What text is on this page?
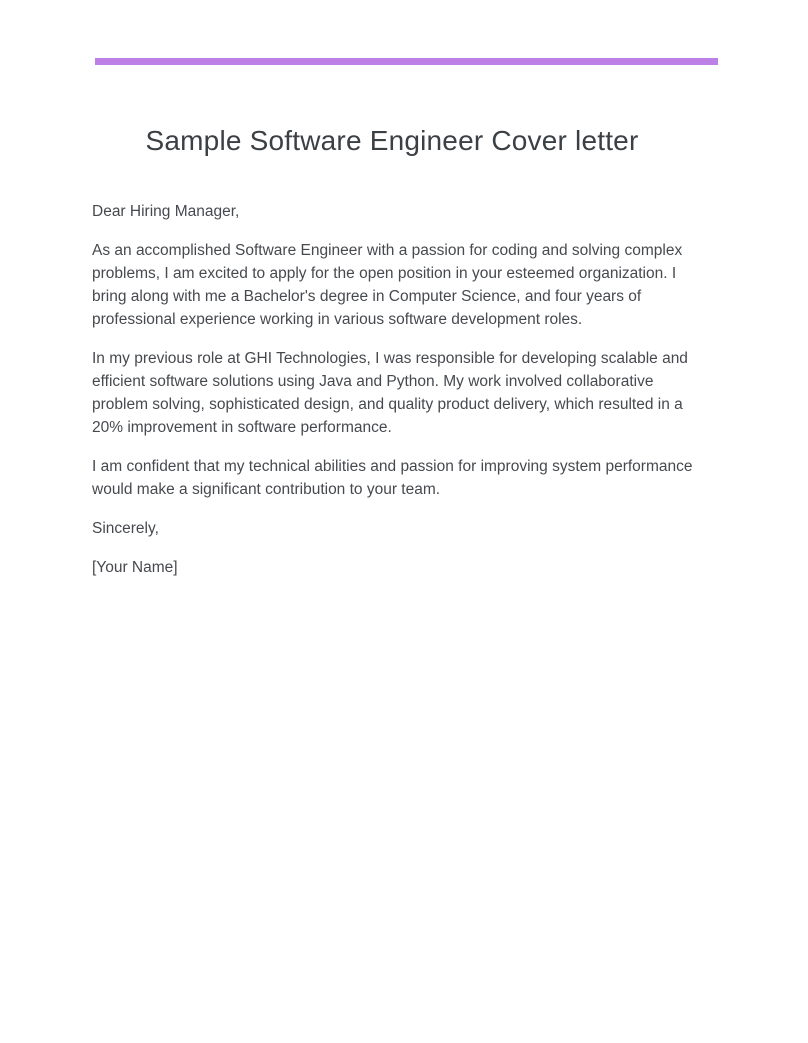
Sample Software Engineer Cover letter

Dear Hiring Manager,

As an accomplished Software Engineer with a passion for coding and solving complex problems, I am excited to apply for the open position in your esteemed organization. I bring along with me a Bachelor's degree in Computer Science, and four years of professional experience working in various software development roles.

In my previous role at GHI Technologies, I was responsible for developing scalable and efficient software solutions using Java and Python. My work involved collaborative problem solving, sophisticated design, and quality product delivery, which resulted in a 20% improvement in software performance.

I am confident that my technical abilities and passion for improving system performance would make a significant contribution to your team.

Sincerely,

[Your Name]
